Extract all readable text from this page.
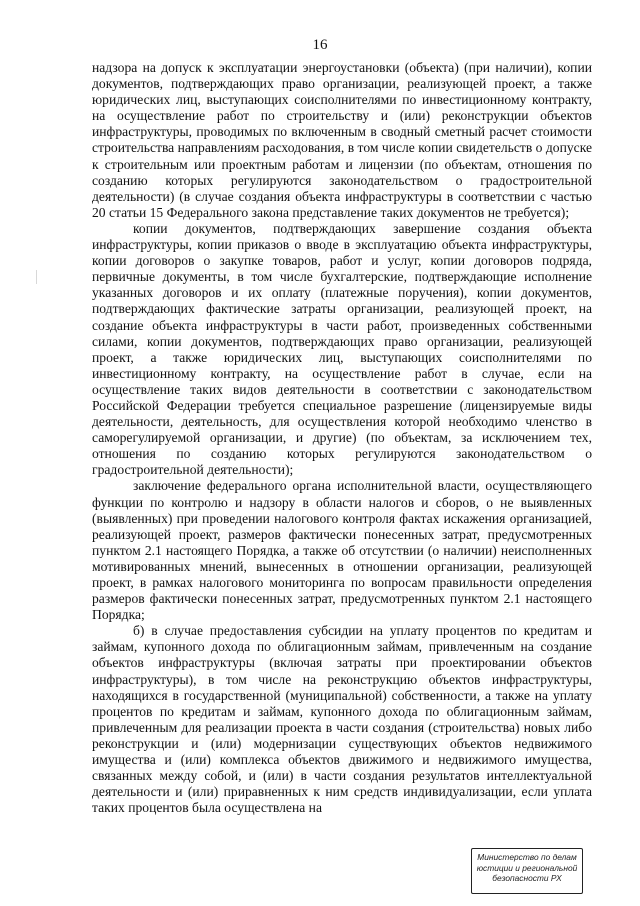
16

надзора на допуск к эксплуатации энергоустановки (объекта) (при наличии), копии документов, подтверждающих право организации, реализующей проект, а также юридических лиц, выступающих соисполнителями по инвестиционному контракту, на осуществление работ по строительству и (или) реконструкции объектов инфраструктуры, проводимых по включенным в сводный сметный расчет стоимости строительства направлениям расходования, в том числе копии свидетельств о допуске к строительным или проектным работам и лицензии (по объектам, отношения по созданию которых регулируются законодательством о градостроительной деятельности) (в случае создания объекта инфраструктуры в соответствии с частью 20 статьи 15 Федерального закона представление таких документов не требуется);

копии документов, подтверждающих завершение создания объекта инфраструктуры, копии приказов о вводе в эксплуатацию объекта инфраструктуры, копии договоров о закупке товаров, работ и услуг, копии договоров подряда, первичные документы, в том числе бухгалтерские, подтверждающие исполнение указанных договоров и их оплату (платежные поручения), копии документов, подтверждающих фактические затраты организации, реализующей проект, на создание объекта инфраструктуры в части работ, произведенных собственными силами, копии документов, подтверждающих право организации, реализующей проект, а также юридических лиц, выступающих соисполнителями по инвестиционному контракту, на осуществление работ в случае, если на осуществление таких видов деятельности в соответствии с законодательством Российской Федерации требуется специальное разрешение (лицензируемые виды деятельности, деятельность, для осуществления которой необходимо членство в саморегулируемой организации, и другие) (по объектам, за исключением тех, отношения по созданию которых регулируются законодательством о градостроительной деятельности);

заключение федерального органа исполнительной власти, осуществляющего функции по контролю и надзору в области налогов и сборов, о не выявленных (выявленных) при проведении налогового контроля фактах искажения организацией, реализующей проект, размеров фактически понесенных затрат, предусмотренных пунктом 2.1 настоящего Порядка, а также об отсутствии (о наличии) неисполненных мотивированных мнений, вынесенных в отношении организации, реализующей проект, в рамках налогового мониторинга по вопросам правильности определения размеров фактически понесенных затрат, предусмотренных пунктом 2.1 настоящего Порядка;

б) в случае предоставления субсидии на уплату процентов по кредитам и займам, купонного дохода по облигационным займам, привлеченным на создание объектов инфраструктуры (включая затраты при проектировании объектов инфраструктуры), в том числе на реконструкцию объектов инфраструктуры, находящихся в государственной (муниципальной) собственности, а также на уплату процентов по кредитам и займам, купонного дохода по облигационным займам, привлеченным для реализации проекта в части создания (строительства) новых либо реконструкции и (или) модернизации существующих объектов недвижимого имущества и (или) комплекса объектов движимого и недвижимого имущества, связанных между собой, и (или) в части создания результатов интеллектуальной деятельности и (или) приравненных к ним средств индивидуализации, если уплата таких процентов была осуществлена на

Министерство по делам
юстиции и региональной
безопасности РХ
